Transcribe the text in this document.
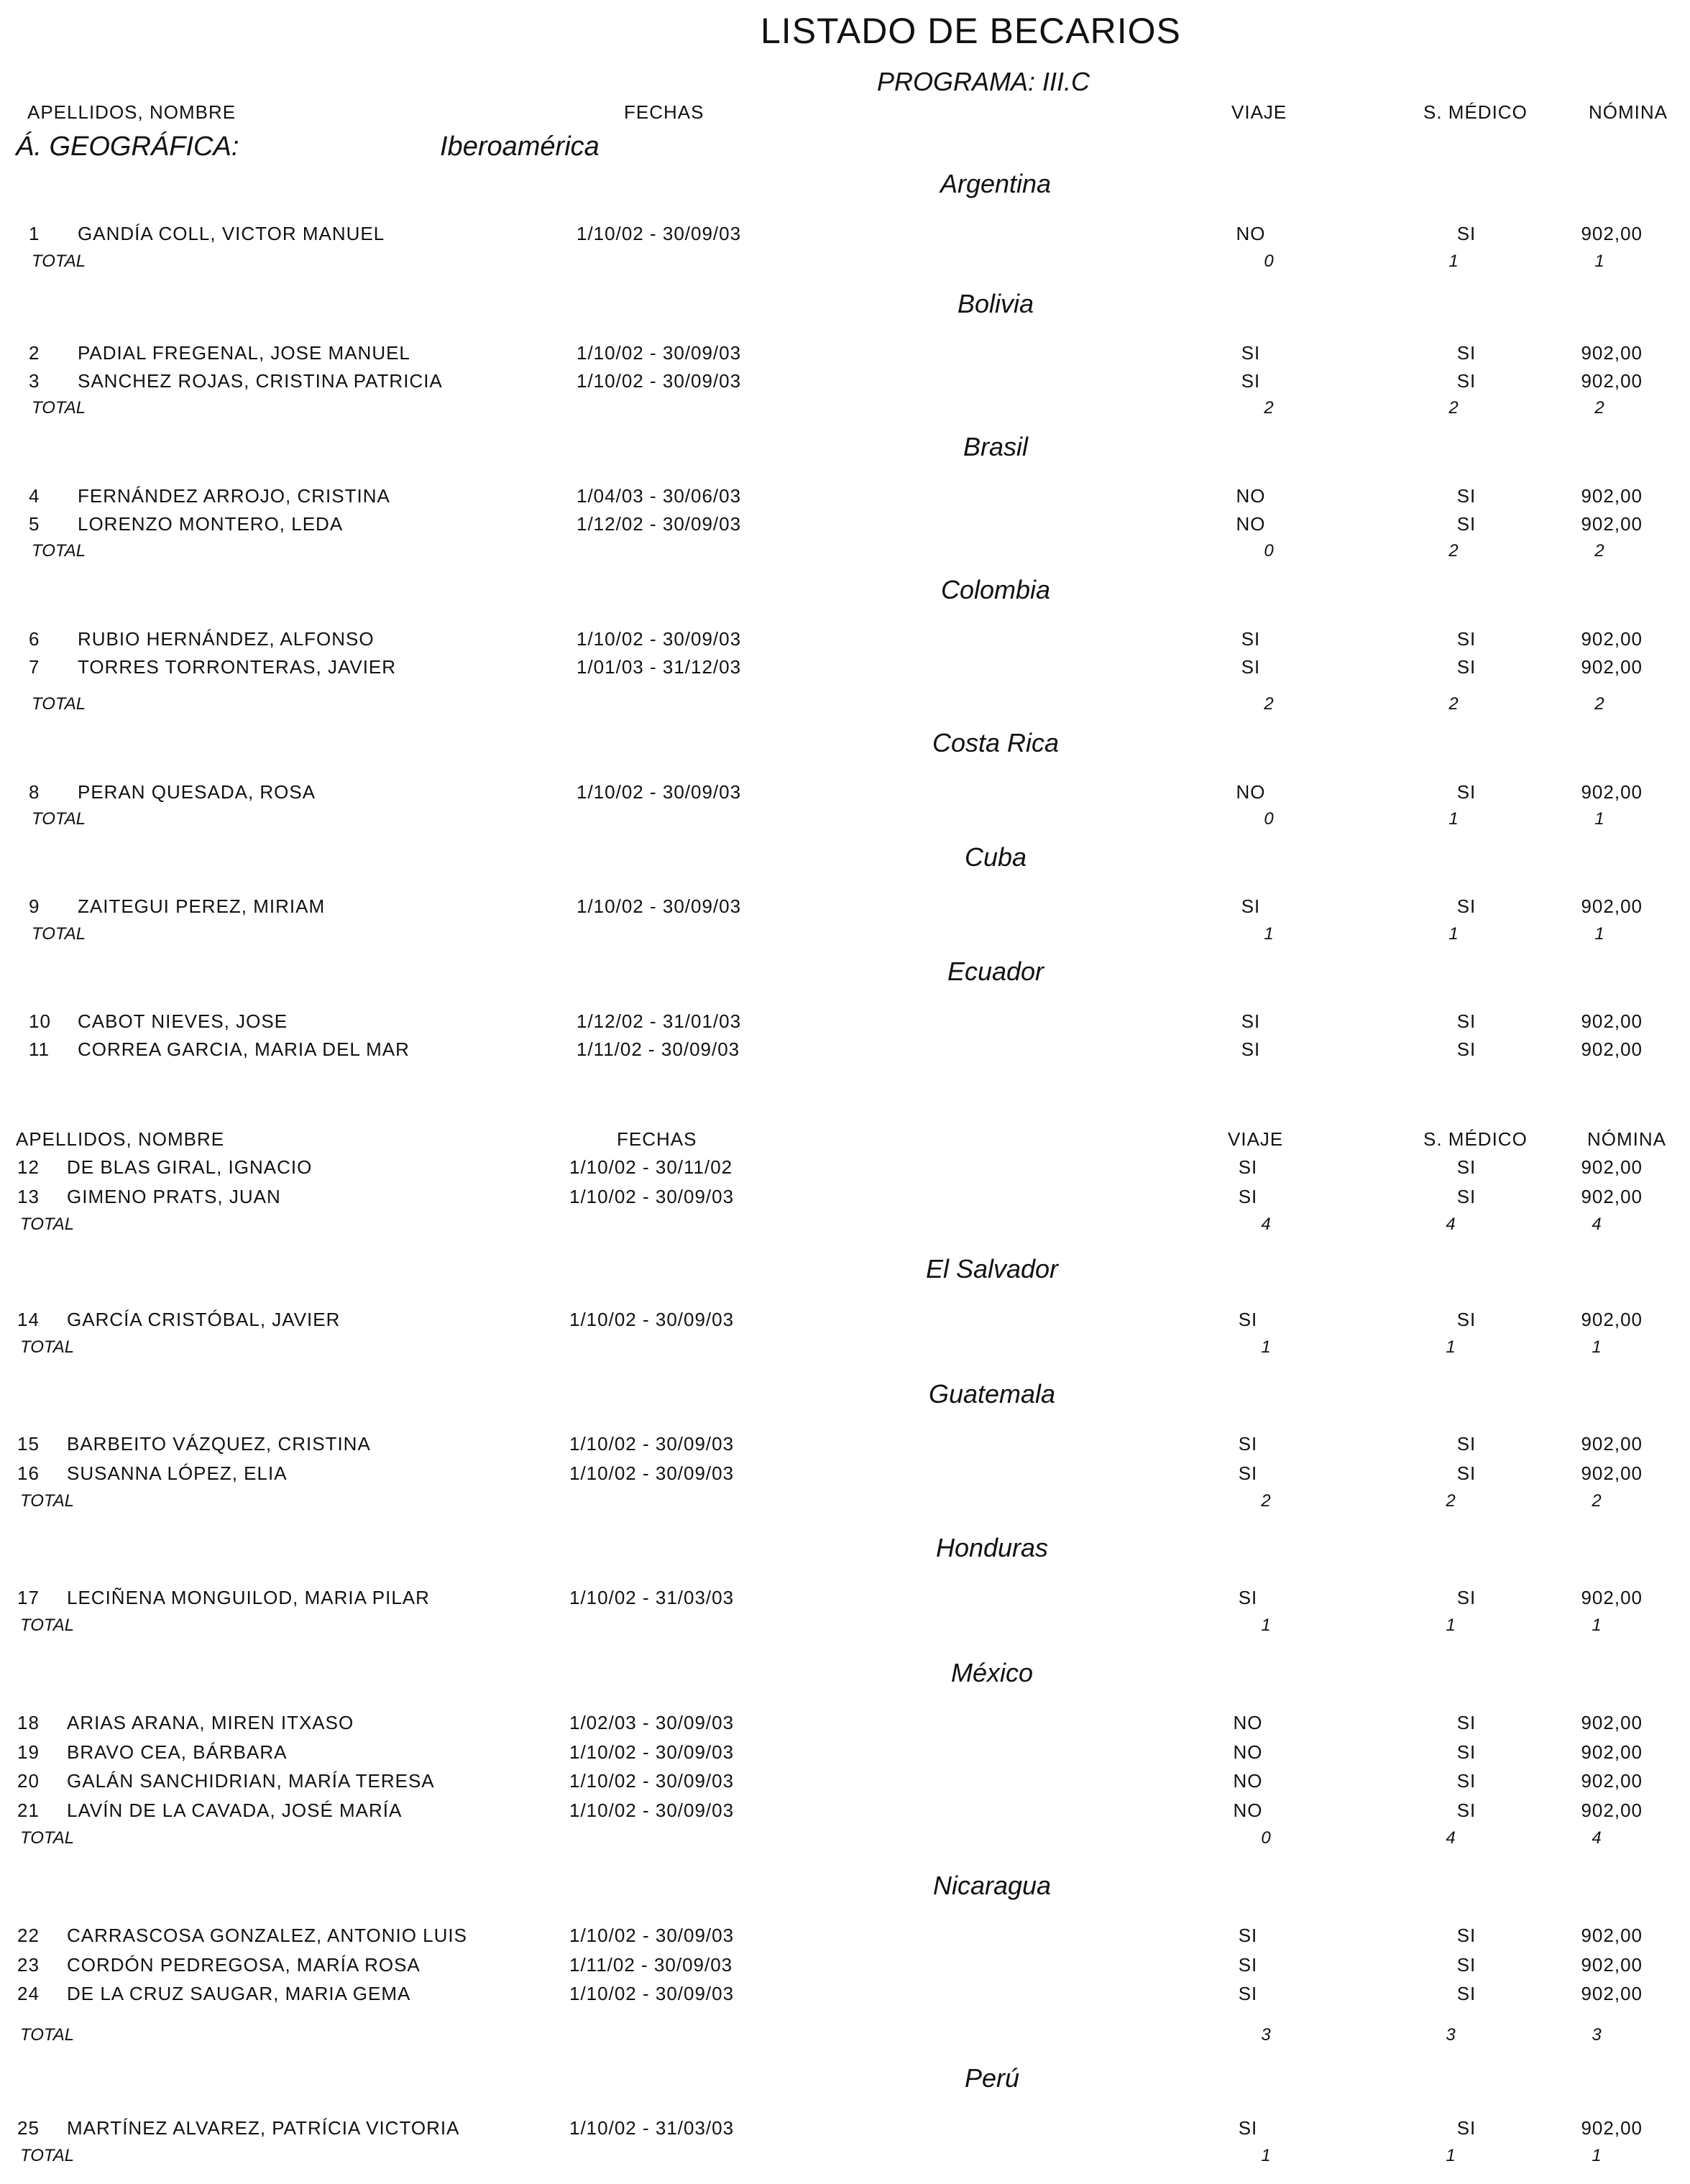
LISTADO DE BECARIOS
PROGRAMA: III.C
APELLIDOS, NOMBRE	FECHAS	VIAJE	S. MÉDICO	NÓMINA
Á. GEOGRÁFICA:	Iberoamérica
APELLIDOS, NOMBRE	FECHAS	VIAJE	S. MÉDICO	NÓMINA
Argentina
1 GANDÍA COLL, VICTOR MANUEL	1/10/02 - 30/09/03	NO	SI	902,00
TOTAL	0	1	1
Bolivia
2 PADIAL FREGENAL, JOSE MANUEL	1/10/02 - 30/09/03	SI	SI	902,00
3 SANCHEZ ROJAS, CRISTINA PATRICIA	1/10/02 - 30/09/03	SI	SI	902,00
TOTAL	2	2	2
Brasil
4 FERNÁNDEZ ARROJO, CRISTINA	1/04/03 - 30/06/03	NO	SI	902,00
5 LORENZO MONTERO, LEDA	1/12/02 - 30/09/03	NO	SI	902,00
TOTAL	0	2	2
Colombia
6 RUBIO HERNÁNDEZ, ALFONSO	1/10/02 - 30/09/03	SI	SI	902,00
7 TORRES TORRONTERAS, JAVIER	1/01/03 - 31/12/03	SI	SI	902,00
TOTAL	2	2	2
Costa Rica
8 PERAN QUESADA, ROSA	1/10/02 - 30/09/03	NO	SI	902,00
TOTAL	0	1	1
Cuba
9 ZAITEGUI PEREZ, MIRIAM	1/10/02 - 30/09/03	SI	SI	902,00
TOTAL	1	1	1
Ecuador
10 CABOT NIEVES, JOSE	1/12/02 - 31/01/03	SI	SI	902,00
11 CORREA GARCIA, MARIA DEL MAR	1/11/02 - 30/09/03	SI	SI	902,00
12 DE BLAS GIRAL, IGNACIO	1/10/02 - 30/11/02	SI	SI	902,00
13 GIMENO PRATS, JUAN	1/10/02 - 30/09/03	SI	SI	902,00
TOTAL	4	4	4
El Salvador
14 GARCÍA CRISTÓBAL, JAVIER	1/10/02 - 30/09/03	SI	SI	902,00
TOTAL	1	1	1
Guatemala
15 BARBEITO VÁZQUEZ, CRISTINA	1/10/02 - 30/09/03	SI	SI	902,00
16 SUSANNA LÓPEZ, ELIA	1/10/02 - 30/09/03	SI	SI	902,00
TOTAL	2	2	2
Honduras
17 LECIÑENA MONGUILOD, MARIA PILAR	1/10/02 - 31/03/03	SI	SI	902,00
TOTAL	1	1	1
México
18 ARIAS ARANA, MIREN ITXASO	1/02/03 - 30/09/03	NO	SI	902,00
19 BRAVO CEA, BÁRBARA	1/10/02 - 30/09/03	NO	SI	902,00
20 GALÁN SANCHIDRIAN, MARÍA TERESA	1/10/02 - 30/09/03	NO	SI	902,00
21 LAVÍN DE LA CAVADA, JOSÉ MARÍA	1/10/02 - 30/09/03	NO	SI	902,00
TOTAL	0	4	4
Nicaragua
22 CARRASCOSA GONZALEZ, ANTONIO LUIS	1/10/02 - 30/09/03	SI	SI	902,00
23 CORDÓN PEDREGOSA, MARÍA ROSA	1/11/02 - 30/09/03	SI	SI	902,00
24 DE LA CRUZ SAUGAR, MARIA GEMA	1/10/02 - 30/09/03	SI	SI	902,00
TOTAL	3	3	3
Perú
25 MARTÍNEZ ALVAREZ, PATRÍCIA VICTORIA	1/10/02 - 31/03/03	SI	SI	902,00
TOTAL	1	1	1
